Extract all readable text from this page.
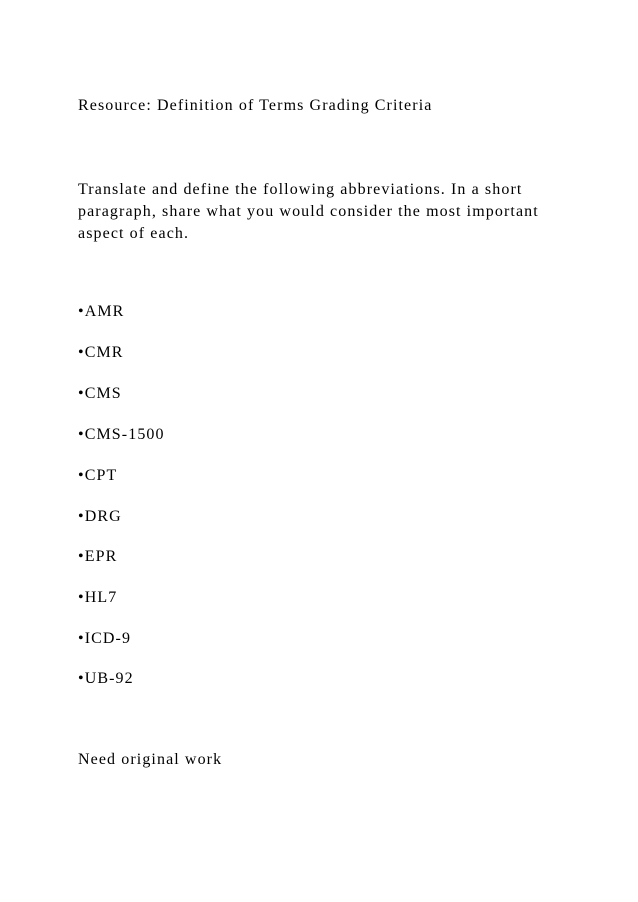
Resource: Definition of Terms Grading Criteria
Translate and define the following abbreviations. In a short
paragraph, share what you would consider the most important
aspect of each.
•AMR
•CMR
•CMS
•CMS-1500
•CPT
•DRG
•EPR
•HL7
•ICD-9
•UB-92
Need original work
